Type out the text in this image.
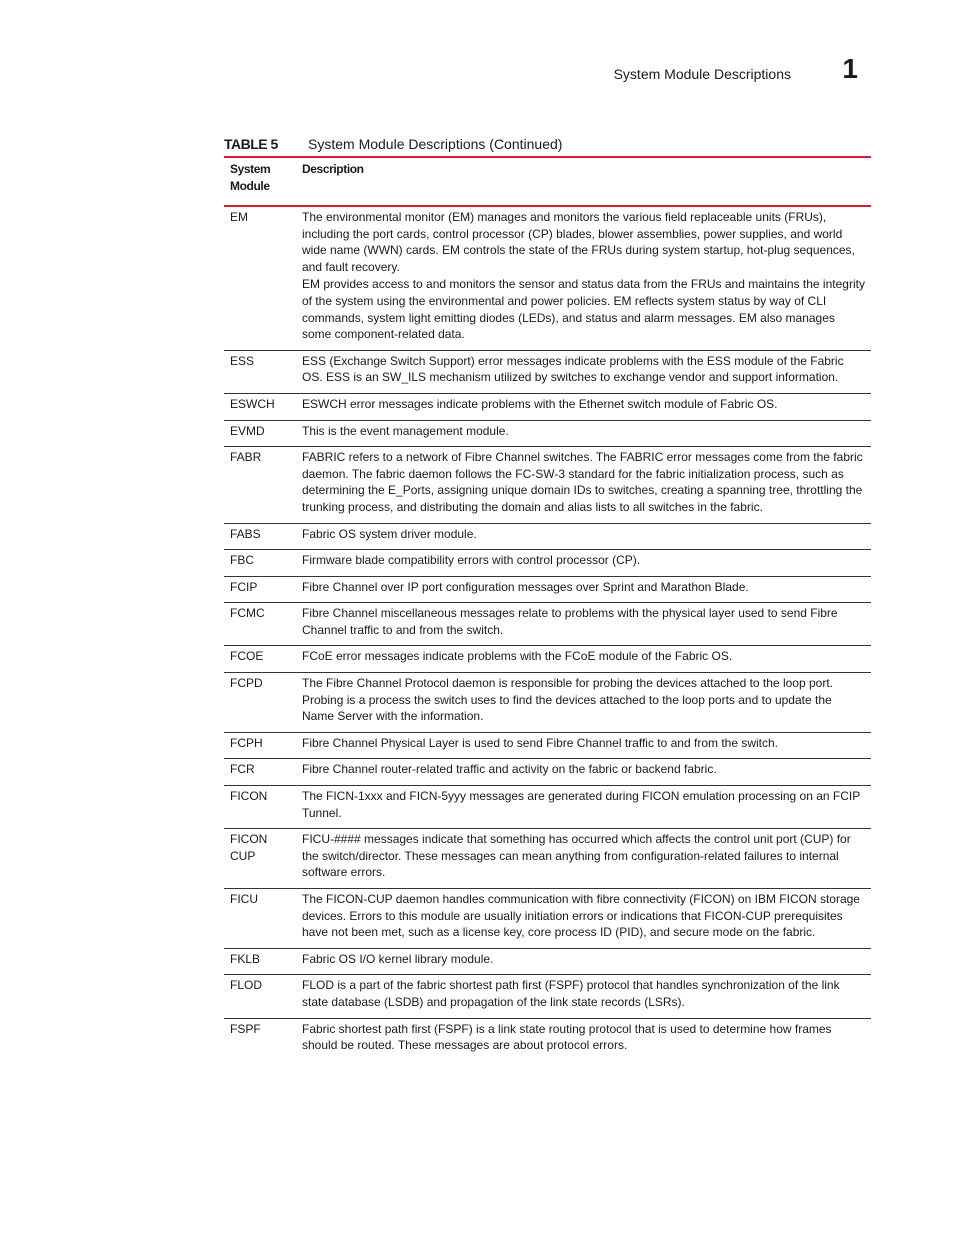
System Module Descriptions 1
TABLE 5 System Module Descriptions (Continued)
System Module	Description
EM	The environmental monitor (EM) manages and monitors the various field replaceable units (FRUs), including the port cards, control processor (CP) blades, blower assemblies, power supplies, and world wide name (WWN) cards. EM controls the state of the FRUs during system startup, hot-plug sequences, and fault recovery.

EM provides access to and monitors the sensor and status data from the FRUs and maintains the integrity of the system using the environmental and power policies. EM reflects system status by way of CLI commands, system light emitting diodes (LEDs), and status and alarm messages. EM also manages some component-related data.

ESS	ESS (Exchange Switch Support) error messages indicate problems with the ESS module of the Fabric OS. ESS is an SW_ILS mechanism utilized by switches to exchange vendor and support information.

ESWCH	ESWCH error messages indicate problems with the Ethernet switch module of Fabric OS.

EVMD	This is the event management module.

FABR	FABRIC refers to a network of Fibre Channel switches. The FABRIC error messages come from the fabric daemon. The fabric daemon follows the FC-SW-3 standard for the fabric initialization process, such as determining the E_Ports, assigning unique domain IDs to switches, creating a spanning tree, throttling the trunking process, and distributing the domain and alias lists to all switches in the fabric.

FABS	Fabric OS system driver module.

FBC	Firmware blade compatibility errors with control processor (CP).

FCIP	Fibre Channel over IP port configuration messages over Sprint and Marathon Blade.

FCMC	Fibre Channel miscellaneous messages relate to problems with the physical layer used to send Fibre Channel traffic to and from the switch.

FCOE	FCoE error messages indicate problems with the FCoE module of the Fabric OS.

FCPD	The Fibre Channel Protocol daemon is responsible for probing the devices attached to the loop port. Probing is a process the switch uses to find the devices attached to the loop ports and to update the Name Server with the information.

FCPH	Fibre Channel Physical Layer is used to send Fibre Channel traffic to and from the switch.

FCR	Fibre Channel router-related traffic and activity on the fabric or backend fabric.

FICON	The FICN-1xxx and FICN-5yyy messages are generated during FICON emulation processing on an FCIP Tunnel.

FICON CUP	FICU-#### messages indicate that something has occurred which affects the control unit port (CUP) for the switch/director. These messages can mean anything from configuration-related failures to internal software errors.

FICU	The FICON-CUP daemon handles communication with fibre connectivity (FICON) on IBM FICON storage devices. Errors to this module are usually initiation errors or indications that FICON-CUP prerequisites have not been met, such as a license key, core process ID (PID), and secure mode on the fabric.

FKLB	Fabric OS I/O kernel library module.

FLOD	FLOD is a part of the fabric shortest path first (FSPF) protocol that handles synchronization of the link state database (LSDB) and propagation of the link state records (LSRs).

FSPF	Fabric shortest path first (FSPF) is a link state routing protocol that is used to determine how frames should be routed. These messages are about protocol errors.
